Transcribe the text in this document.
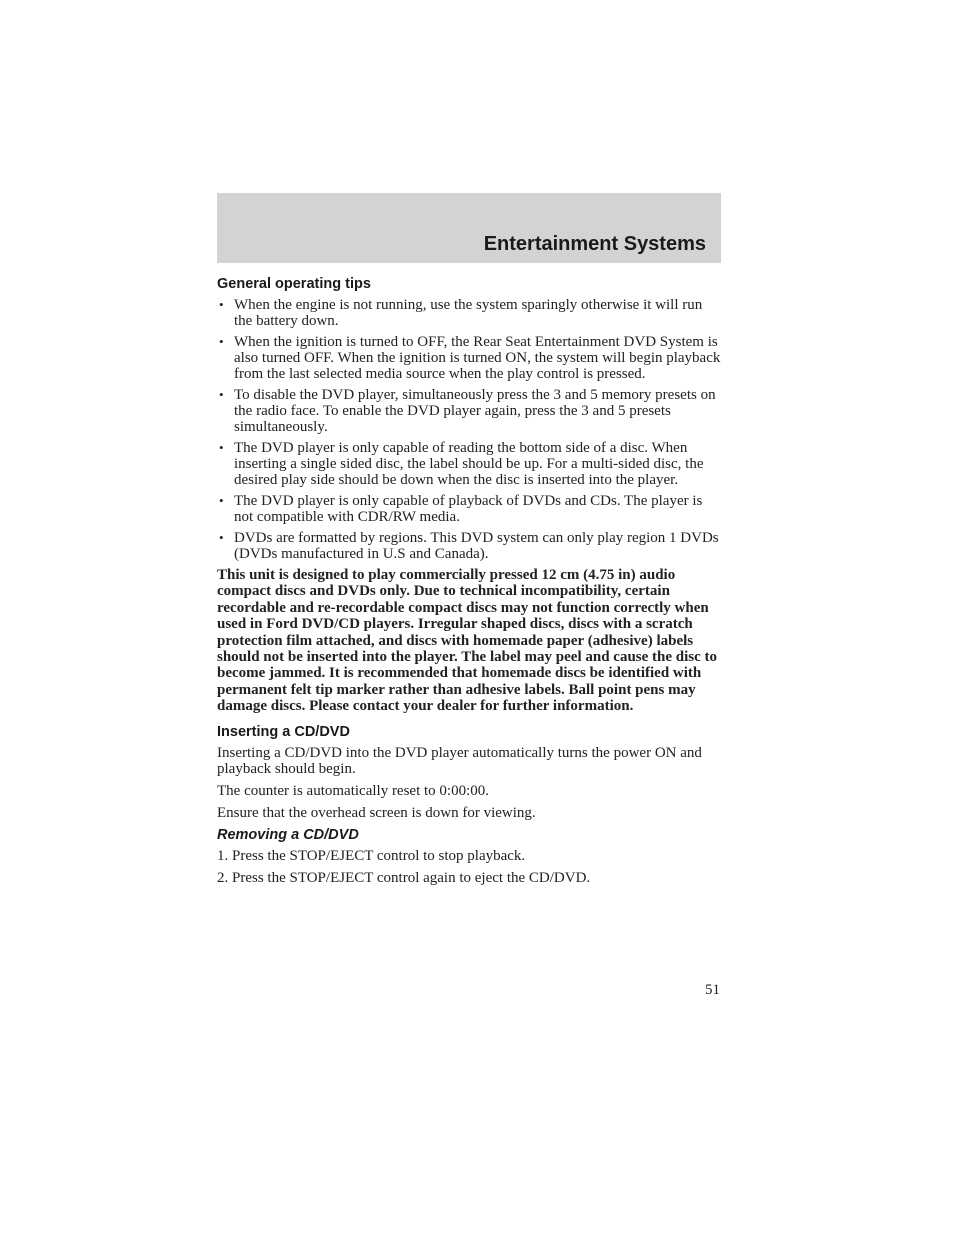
Entertainment Systems
General operating tips
• When the engine is not running, use the system sparingly otherwise it will run the battery down.
• When the ignition is turned to OFF, the Rear Seat Entertainment DVD System is also turned OFF. When the ignition is turned ON, the system will begin playback from the last selected media source when the play control is pressed.
• To disable the DVD player, simultaneously press the 3 and 5 memory presets on the radio face. To enable the DVD player again, press the 3 and 5 presets simultaneously.
• The DVD player is only capable of reading the bottom side of a disc. When inserting a single sided disc, the label should be up. For a multi-sided disc, the desired play side should be down when the disc is inserted into the player.
• The DVD player is only capable of playback of DVDs and CDs. The player is not compatible with CDR/RW media.
• DVDs are formatted by regions. This DVD system can only play region 1 DVDs (DVDs manufactured in U.S and Canada).
This unit is designed to play commercially pressed 12 cm (4.75 in) audio compact discs and DVDs only. Due to technical incompatibility, certain recordable and re-recordable compact discs may not function correctly when used in Ford DVD/CD players. Irregular shaped discs, discs with a scratch protection film attached, and discs with homemade paper (adhesive) labels should not be inserted into the player. The label may peel and cause the disc to become jammed. It is recommended that homemade discs be identified with permanent felt tip marker rather than adhesive labels. Ball point pens may damage discs. Please contact your dealer for further information.
Inserting a CD/DVD

Inserting a CD/DVD into the DVD player automatically turns the power ON and playback should begin.

The counter is automatically reset to 0:00:00.

Ensure that the overhead screen is down for viewing.

Removing a CD/DVD

1. Press the STOP/EJECT control to stop playback.

2. Press the STOP/EJECT control again to eject the CD/DVD.

51
